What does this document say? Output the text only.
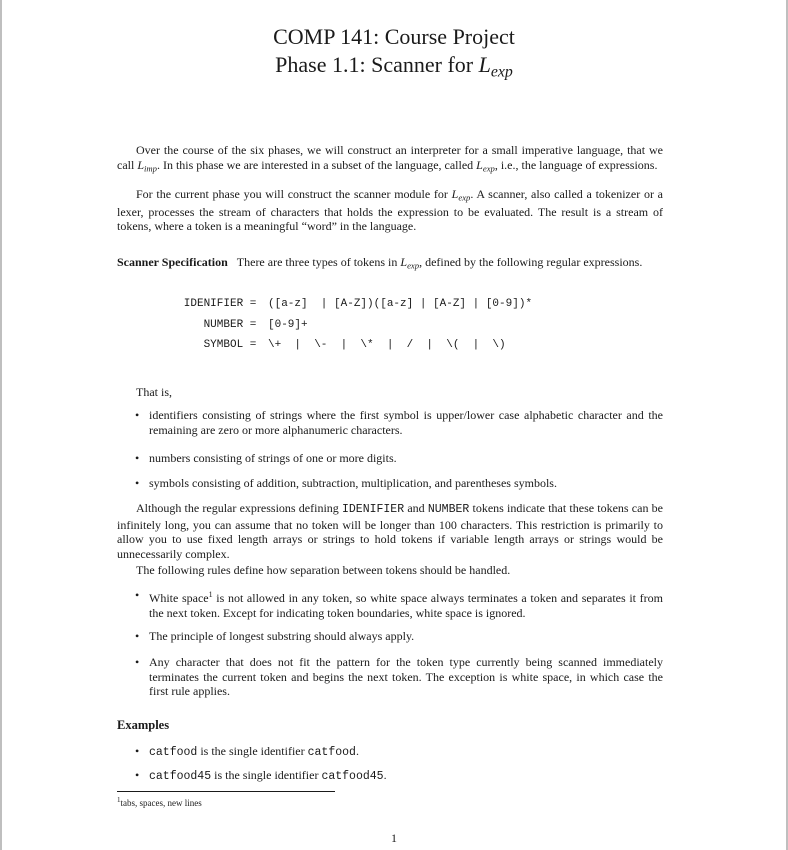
COMP 141: Course Project
Phase 1.1: Scanner for $L_{exp}$
Over the course of the six phases, we will construct an interpreter for a small imperative language, that we call $L_{imp}$. In this phase we are interested in a subset of the language, called $L_{exp}$, i.e., the language of expressions.
For the current phase you will construct the scanner module for $L_{exp}$. A scanner, also called a tokenizer or a lexer, processes the stream of characters that holds the expression to be evaluated. The result is a stream of tokens, where a token is a meaningful “word” in the language.
Scanner Specification There are three types of tokens in $L_{exp}$, defined by the following regular expressions.
IDENIFIER = ([a-z]  | [A-Z])([a-z] | [A-Z] | [0-9])*
NUMBER = [0-9]+
SYMBOL = \+  |  \-  |  \*  |  /  |  \(  |  \)
That is,
• identifiers consisting of strings where the first symbol is upper/lower case alphabetic character and the remaining are zero or more alphanumeric characters.
• numbers consisting of strings of one or more digits.
• symbols consisting of addition, subtraction, multiplication, and parentheses symbols.
Although the regular expressions defining IDENIFIER and NUMBER tokens indicate that these tokens can be infinitely long, you can assume that no token will be longer than 100 characters. This restriction is primarily to allow you to use fixed length arrays or strings to hold tokens if variable length arrays or strings would be unnecessarily complex.
The following rules define how separation between tokens should be handled.
• White space$^1$ is not allowed in any token, so white space always terminates a token and separates it from the next token. Except for indicating token boundaries, white space is ignored.
• The principle of longest substring should always apply.
• Any character that does not fit the pattern for the token type currently being scanned immediately terminates the current token and begins the next token. The exception is white space, in which case the first rule applies.
Examples
• catfood is the single identifier catfood.
• catfood45 is the single identifier catfood45.
$^1$tabs, spaces, new lines
1
